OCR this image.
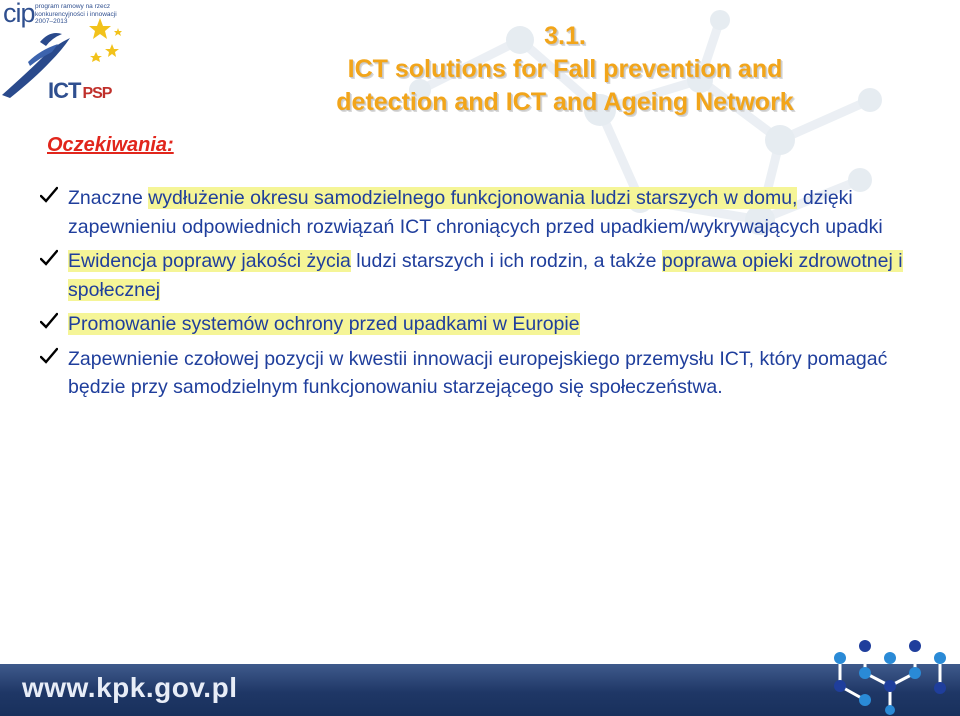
cip program ramowy na rzecz
konkurencyjności i innowacji
2007–2013
ICT PSP
3.1.
ICT solutions for Fall prevention and
detection and ICT and Ageing Network
Oczekiwania:
Znaczne wydłużenie okresu samodzielnego funkcjonowania ludzi starszych w domu, dzięki zapewnieniu odpowiednich rozwiązań ICT chroniących przed upadkiem/wykrywających upadki
Ewidencja poprawy jakości życia ludzi starszych i ich rodzin, a także poprawa opieki zdrowotnej i społecznej
Promowanie systemów ochrony przed upadkami w Europie
Zapewnienie czołowej pozycji w kwestii innowacji europejskiego przemysłu ICT, który pomagać będzie przy samodzielnym funkcjonowaniu starzejącego się społeczeństwa.
www.kpk.gov.pl
